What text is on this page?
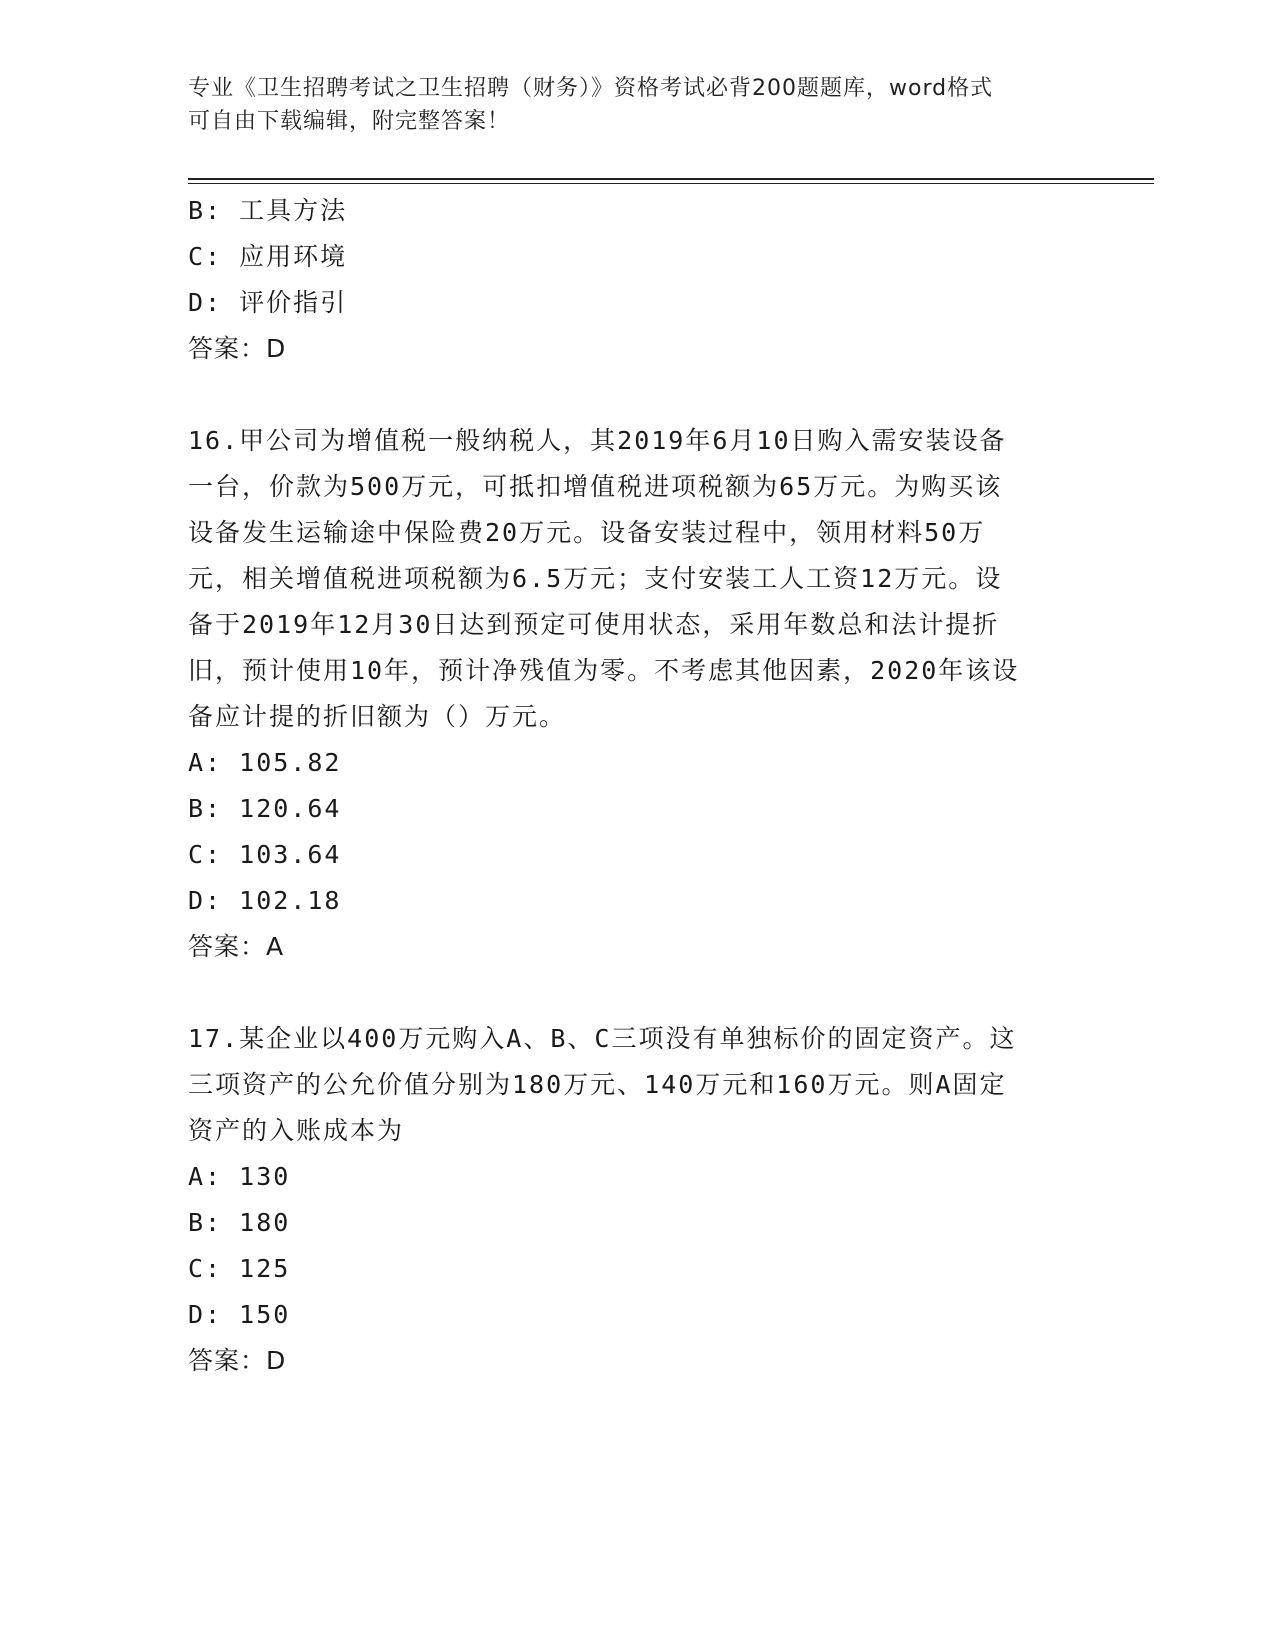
专业《卫生招聘考试之卫生招聘（财务）》资格考试必背200题题库，word格式
可自由下载编辑，附完整答案！
B: 工具方法
C: 应用环境
D: 评价指引
答案：D
16.甲公司为增值税一般纳税人，其2019年6月10日购入需安装设备
一台，价款为500万元，可抵扣增值税进项税额为65万元。为购买该
设备发生运输途中保险费20万元。设备安装过程中，领用材料50万
元，相关增值税进项税额为6.5万元；支付安装工人工资12万元。设
备于2019年12月30日达到预定可使用状态，采用年数总和法计提折
旧，预计使用10年，预计净残值为零。不考虑其他因素，2020年该设
备应计提的折旧额为（）万元。
A: 105.82
B: 120.64
C: 103.64
D: 102.18
答案：A
17.某企业以400万元购入A、B、C三项没有单独标价的固定资产。这
三项资产的公允价值分别为180万元、140万元和160万元。则A固定
资产的入账成本为
A: 130
B: 180
C: 125
D: 150
答案：D
